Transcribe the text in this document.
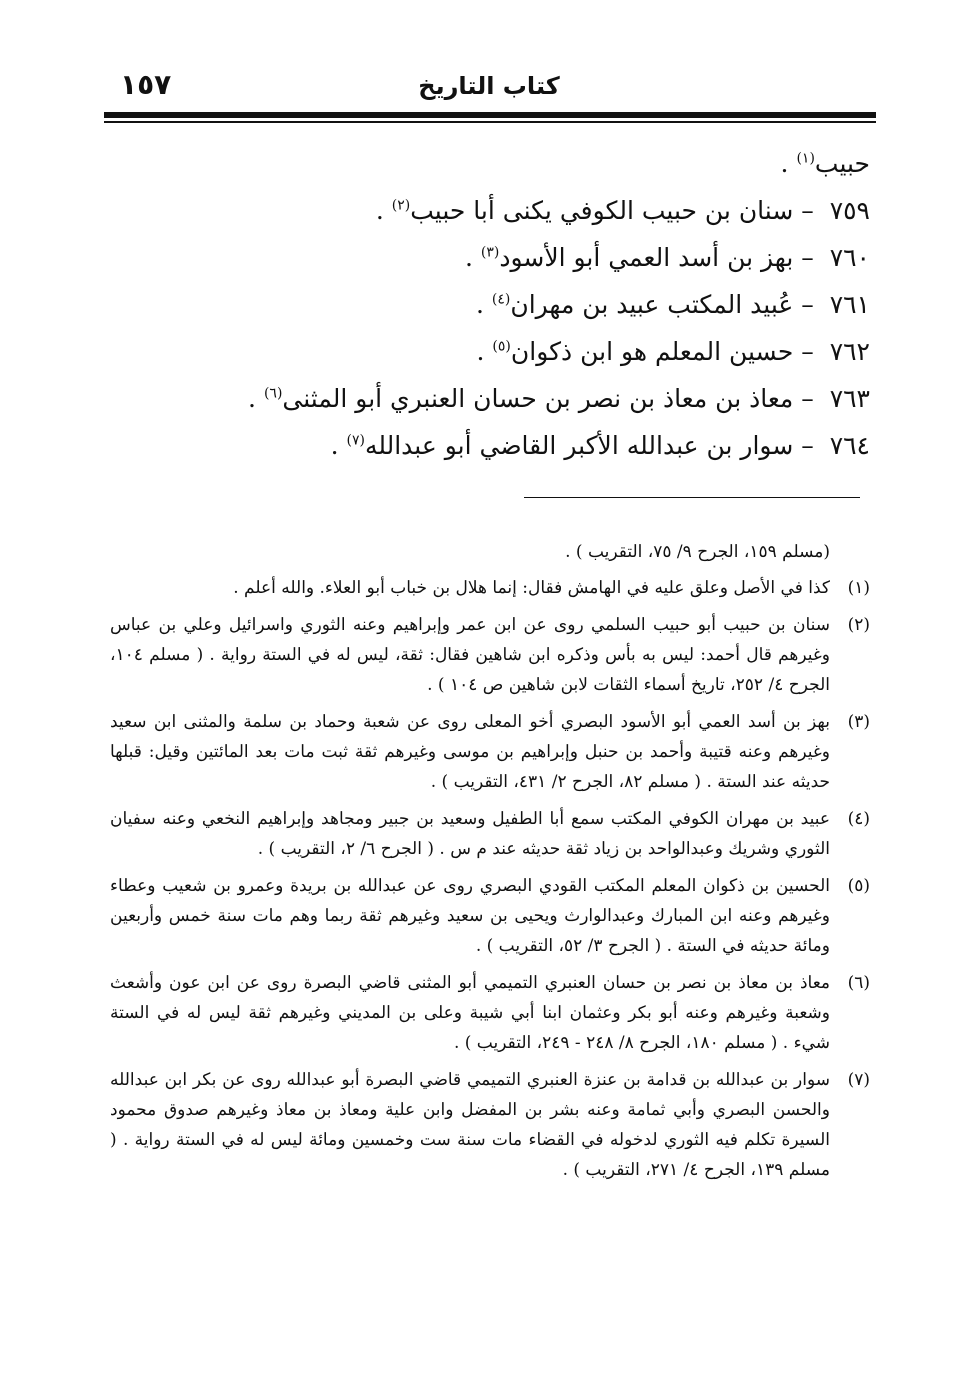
١٥٧	كتاب التاريخ
حبيب$^{(١)}$ .
٧٥٩ – سنان بن حبيب الكوفي يكنى أبا حبيب$^{(٢)}$ .
٧٦٠ – بهز بن أسد العمي أبو الأسود$^{(٣)}$ .
٧٦١ – عُبيد المكتب عبيد بن مهران$^{(٤)}$ .
٧٦٢ – حسين المعلم هو ابن ذكوان$^{(٥)}$ .
٧٦٣ – معاذ بن معاذ بن نصر بن حسان العنبري أبو المثنى$^{(٦)}$ .
٧٦٤ – سوار بن عبدالله الأكبر القاضي أبو عبدالله$^{(٧)}$ .
(مسلم ١٥٩، الجرح ٩/ ٧٥، التقريب ) .
(١)
كذا في الأصل وعلق عليه في الهامش فقال: إنما هلال بن خباب أبو العلاء. والله أعلم .
(٢)
سنان بن حبيب أبو حبيب السلمي روى عن ابن عمر وإبراهيم وعنه الثوري واسرائيل وعلي بن عباس وغيرهم قال أحمد: ليس به بأس وذكره ابن شاهين فقال: ثقة، ليس له في الستة رواية . ( مسلم ١٠٤، الجرح ٤/ ٢٥٢، تاريخ أسماء الثقات لابن شاهين ص ١٠٤ ) .
(٣)
بهز بن أسد العمي أبو الأسود البصري أخو المعلى روى عن شعبة وحماد بن سلمة والمثنى ابن سعيد وغيرهم وعنه قتيبة وأحمد بن حنبل وإبراهيم بن موسى وغيرهم ثقة ثبت مات بعد المائتين وقيل: قبلها حديثه عند الستة . ( مسلم ٨٢، الجرح ٢/ ٤٣١، التقريب ) .
(٤)
عبيد بن مهران الكوفي المكتب سمع أبا الطفيل وسعيد بن جبير ومجاهد وإبراهيم النخعي وعنه سفيان الثوري وشريك وعبدالواحد بن زياد ثقة حديثه عند م س . ( الجرح ٦/ ٢، التقريب ) .
(٥)
الحسين بن ذكوان المعلم المكتب القودي البصري روى عن عبدالله بن بريدة وعمرو بن شعيب وعطاء وغيرهم وعنه ابن المبارك وعبدالوارث ويحيى بن سعيد وغيرهم ثقة ربما وهم مات سنة خمس وأربعين ومائة حديثه في الستة . ( الجرح ٣/ ٥٢، التقريب ) .
(٦)
معاذ بن معاذ بن نصر بن حسان العنبري التميمي أبو المثنى قاضي البصرة روى عن ابن عون وأشعث وشعبة وغيرهم وعنه أبو بكر وعثمان ابنا أبي شيبة وعلى بن المديني وغيرهم ثقة ليس له في الستة شيء . ( مسلم ١٨٠، الجرح ٨/ ٢٤٨ - ٢٤٩، التقريب ) .
(٧)
سوار بن عبدالله بن قدامة بن عنزة العنبري التميمي قاضي البصرة أبو عبدالله روى عن بكر ابن عبدالله والحسن البصري وأبي ثمامة وعنه بشر بن المفضل وابن علية ومعاذ بن معاذ وغيرهم صدوق محمود السيرة تكلم فيه الثوري لدخوله في القضاء مات سنة ست وخمسين ومائة ليس له في الستة رواية . ( مسلم ١٣٩، الجرح ٤/ ٢٧١، التقريب ) .
